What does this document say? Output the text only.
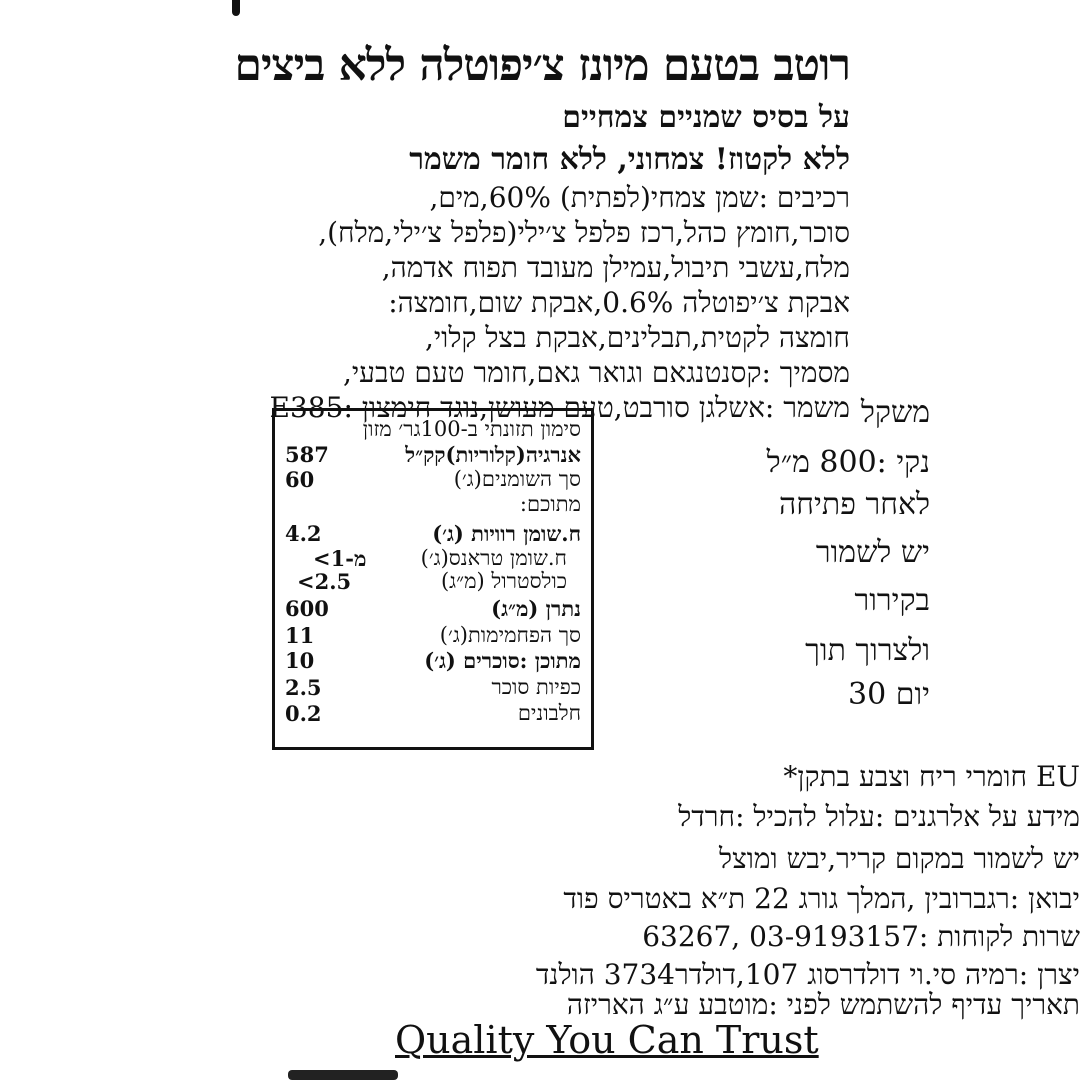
רוטב בטעם מיונז צ׳יפוטלה ללא ביצים
על בסיס שמניים צמחיים
ללא לקטוז! צמחוני, ללא חומר משמר
רכיבים :שמן צמחי(לפתית) 60%,מים,
סוכר,חומץ כהל,רכז פלפל צ׳ילי(פלפל צ׳ילי,מלח),
מלח,עשבי תיבול,עמילן מעובד תפוח אדמה,
אבקת צ׳יפוטלה 0.6%,אבקת שום,חומצה:
חומצה לקטית,תבלינים,אבקת בצל קלוי,
מסמיך :קסנטנגאם וגואר גאם,חומר טעם טבעי,
משמר :אשלגן סורבט,טעם מעושן,נוגד חימצון :E385 משקל
נקי :800 מ״ל
לאחר פתיחה
יש לשמור
בקירור
ולצרוך תוך
30 יום
סימון תזונתי ב-100גר׳ מזון
אנרגיה(קלוריות)קק״ל
587
סך השומנים(ג׳)
60
מתוכם:
ח.שומן רוויות (ג׳)
4.2
ח.שומן טראנס(ג׳)
<מ-1
כולסטרול (מ״ג)
<2.5
נתרן (מ״ג)
600
סך הפחמימות(ג׳)
11
מתוכן :סוכרים (ג׳)
10
כפיות סוכר
2.5
חלבונים
0.2
*חומרי ריח וצבע בתקן EU
מידע על אלרגנים :עלול להכיל :חרדל
יש לשמור במקום קריר,יבש ומוצל
יבואן :רגברובין ,המלך גורג 22 ת״א באטריס פוד
63267, שרות לקוחות :03-9193157
יצרן :רמיה סי.וי דולדרסוג 107,דולדר3734 הולנד
תאריך עדיף להשתמש לפני :מוטבע ע״ג האריזה
Quality You Can Trust
